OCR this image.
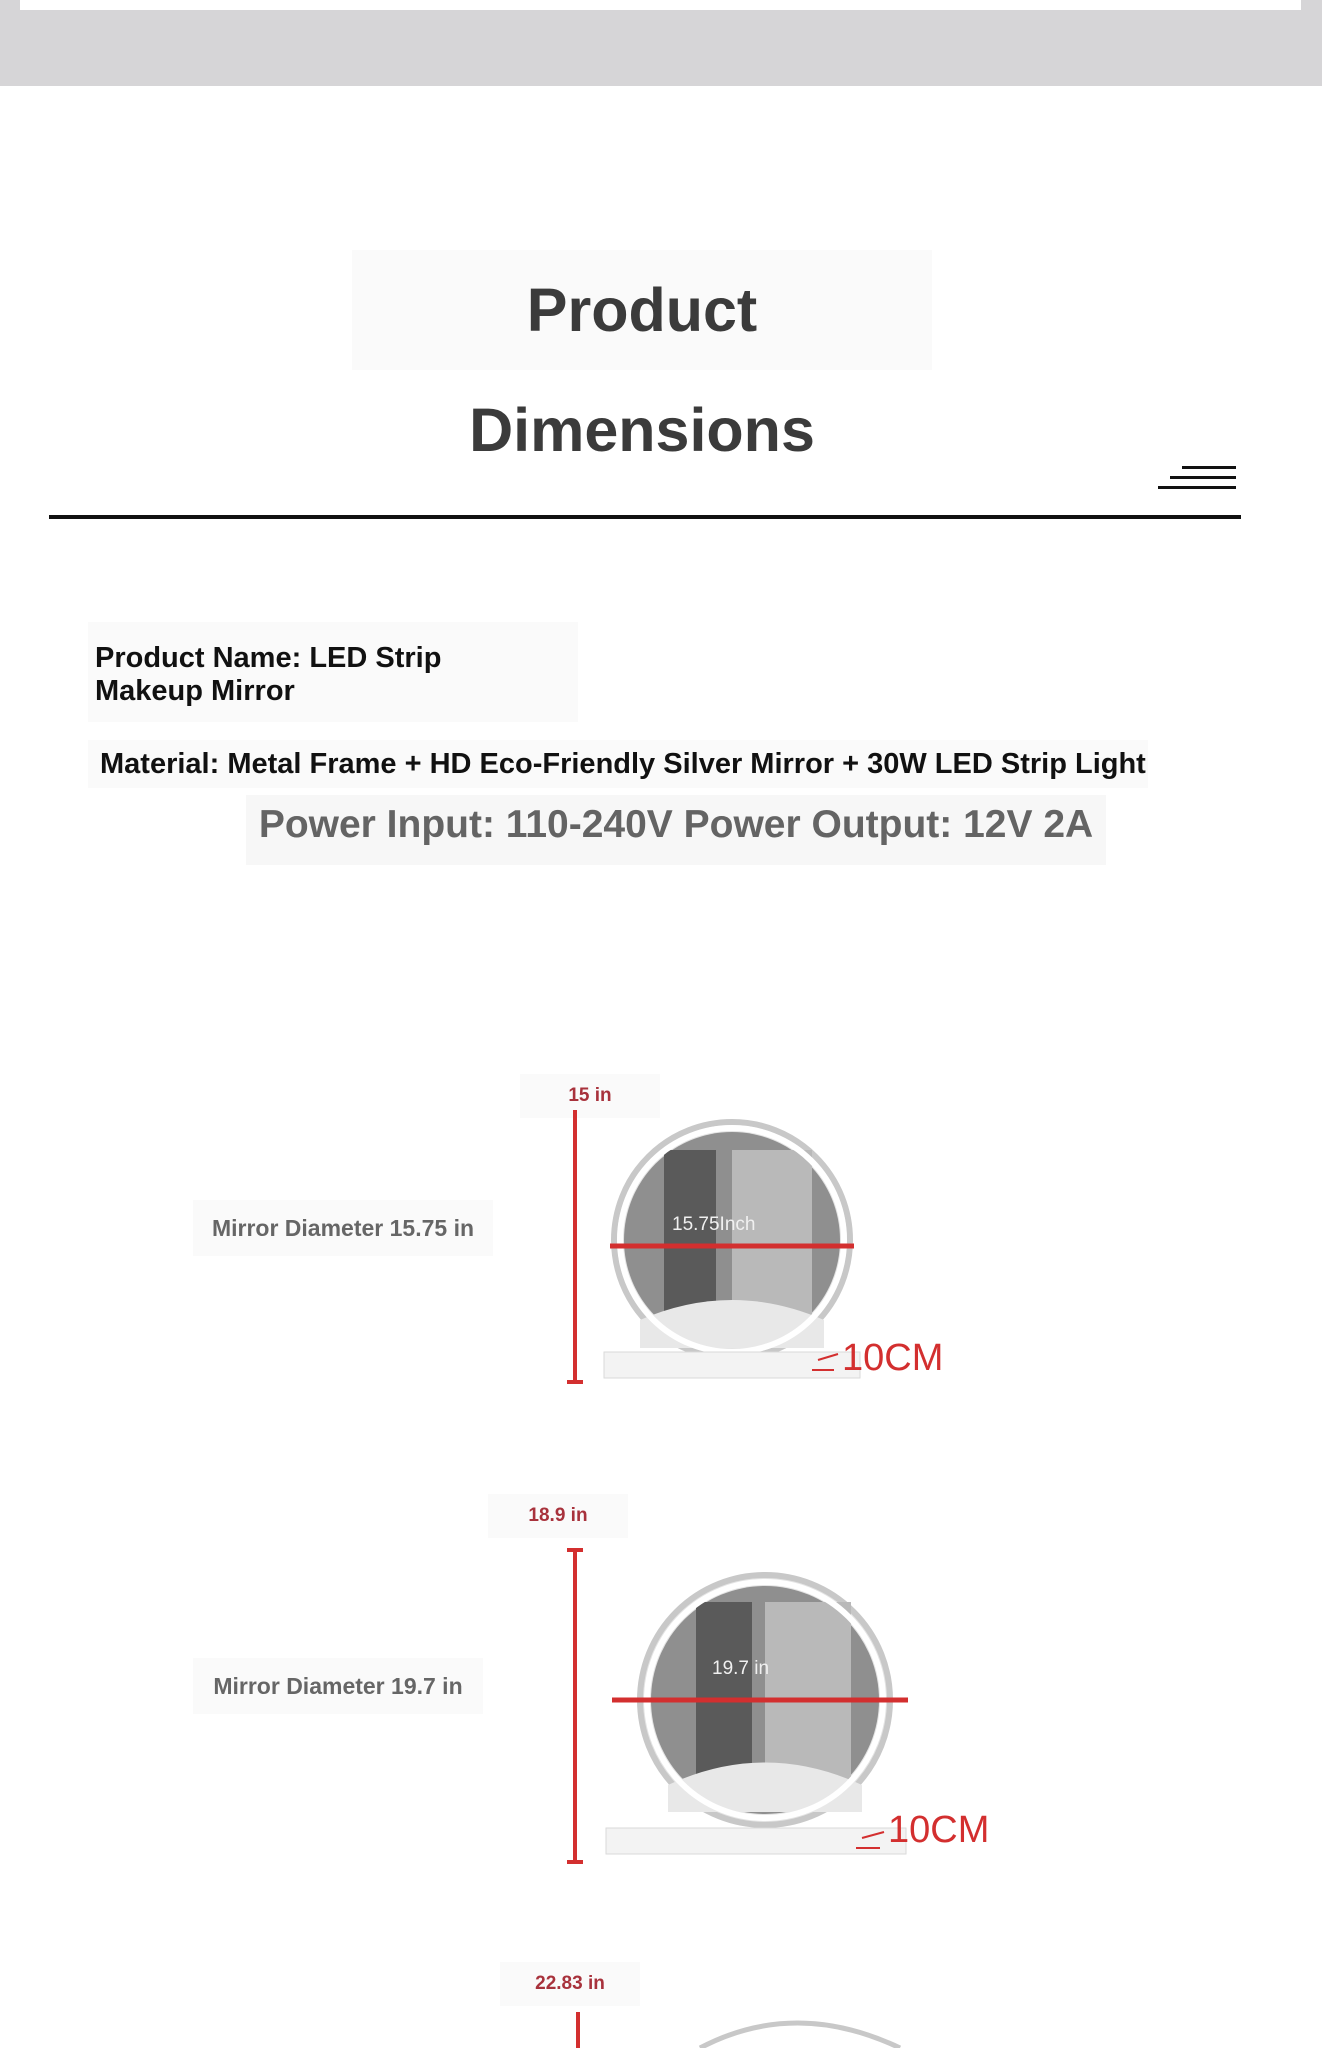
Product Dimensions
Product Name: LED Strip
Makeup Mirror
Material: Metal Frame + HD Eco-Friendly Silver Mirror + 30W LED Strip Light
Power Input: 110-240V Power Output: 12V 2A
Mirror Diameter 15.75 in
15 in
15.75Inch
10CM
Mirror Diameter 19.7 in
18.9 in
19.7 in
10CM
22.83 in
